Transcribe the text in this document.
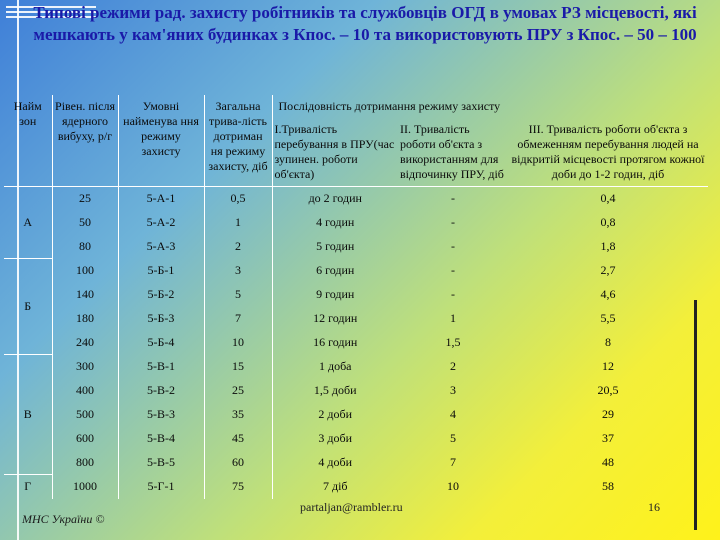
Типові режими рад. захисту робітників та службовців ОГД в умовах РЗ місцевості, які мешкають у кам'яних будинках з Кпос. – 10 та використовують ПРУ з Кпос. – 50 – 100
Найм зон	Рівен. після ядерного вибуху, р/г	Умовні найменува ння режиму захисту	Загальна трива-лість дотриман ня режиму захисту, діб	Послідовність дотримання режиму захисту		
				І.Тривалість перебування в ПРУ(час зупинен. роботи об'єкта)	ІІ. Тривалість роботи об'єкта з використанням для відпочинку ПРУ, діб	ІІІ. Тривалість роботи об'єкта з обмеженням перебування людей на відкритій місцевості протягом кожної доби до 1-2 годин, діб
А	25	5-А-1	0,5	до 2 годин	-	0,4
	50	5-А-2	1	4 годин	-	0,8
	80	5-А-3	2	5 годин	-	1,8
Б	100	5-Б-1	3	6 годин	-	2,7
	140	5-Б-2	5	9 годин	-	4,6
	180	5-Б-3	7	12 годин	1	5,5
	240	5-Б-4	10	16 годин	1,5	8
В	300	5-В-1	15	1 доба	2	12
	400	5-В-2	25	1,5 доби	3	20,5
	500	5-В-3	35	2 доби	4	29
	600	5-В-4	45	3 доби	5	37
	800	5-В-5	60	4 доби	7	48
Г	1000	5-Г-1	75	7 діб	10	58
МНС України ©
partaljan@rambler.ru	16
